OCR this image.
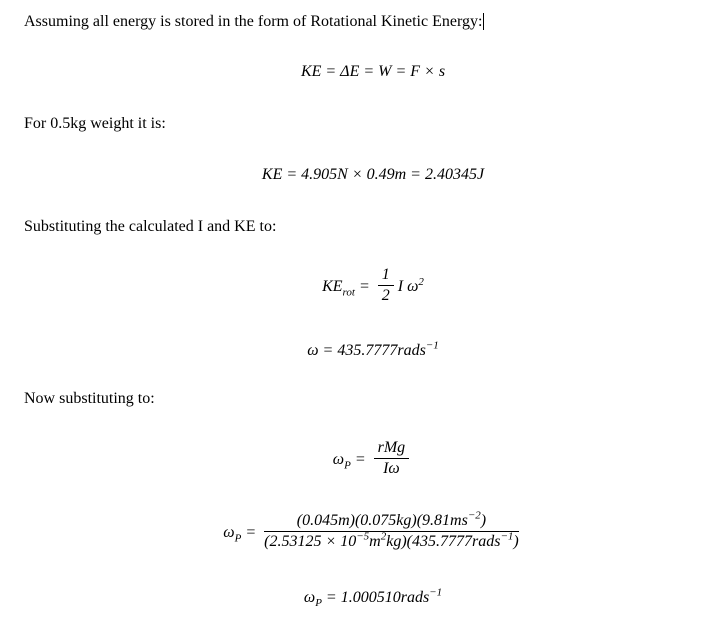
Assuming all energy is stored in the form of Rotational Kinetic Energy:
KE = ΔE = W = F × s
For 0.5kg weight it is:
KE = 4.905N × 0.49m = 2.40345J
Substituting the calculated I and KE to:
$KE_{rot} = \frac{1}{2}$ I $\omega^2$
ω = 435.7777rads$^{-1}$
Now substituting to:
$\omega_P = \frac{\text{rMg}}{I\omega}$
$\omega_P = \frac{(0.045m)(0.075kg)(9.81ms^{-2})}{(2.53125 \times 10^{-5}m^2kg)(435.7777rads^{-1})}$
$\omega_P$ = 1.000510rads$^{-1}$
